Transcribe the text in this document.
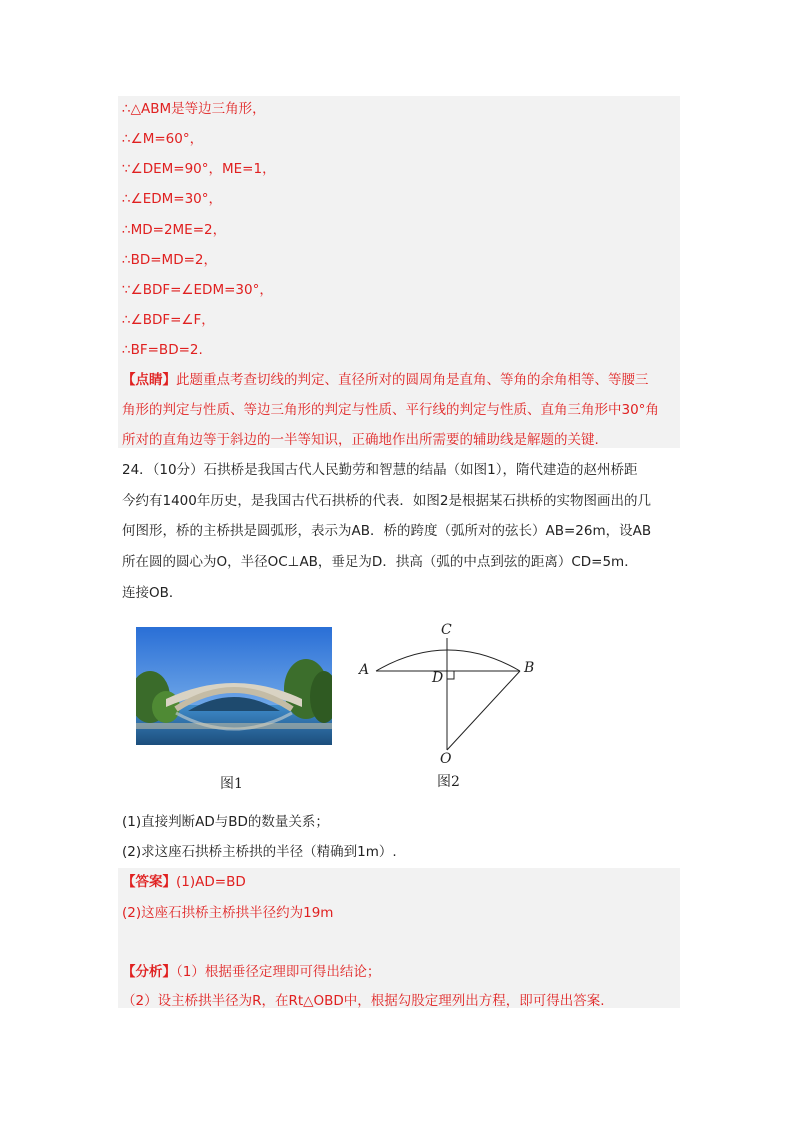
∴△ABM是等边三角形，
∴∠M=60°，
∵∠DEM=90°，ME=1，
∴∠EDM=30°，
∴MD=2ME=2，
∴BD=MD=2，
∵∠BDF=∠EDM=30°，
∴∠BDF=∠F，
∴BF=BD=2.
【点睛】此题重点考查切线的判定、直径所对的圆周角是直角、等角的余角相等、等腰三
角形的判定与性质、等边三角形的判定与性质、平行线的判定与性质、直角三角形中30°角
所对的直角边等于斜边的一半等知识，正确地作出所需要的辅助线是解题的关键.
24．（10分）石拱桥是我国古代人民勤劳和智慧的结晶（如图1），隋代建造的赵州桥距
今约有1400年历史，是我国古代石拱桥的代表．如图2是根据某石拱桥的实物图画出的几
何图形，桥的主桥拱是圆弧形，表示为AB．桥的跨度（弧所对的弦长）AB=26m，设AB
所在圆的圆心为O，半径OC⊥AB，垂足为D．拱高（弧的中点到弦的距离）CD=5m．
连接OB．
图1
C
A	B
D
O
图2
(1)直接判断AD与BD的数量关系；
(2)求这座石拱桥主桥拱的半径（精确到1m）.
【答案】(1)AD=BD
(2)这座石拱桥主桥拱半径约为19m
【分析】（1）根据垂径定理即可得出结论；
（2）设主桥拱半径为R，在Rt△OBD中，根据勾股定理列出方程，即可得出答案.
